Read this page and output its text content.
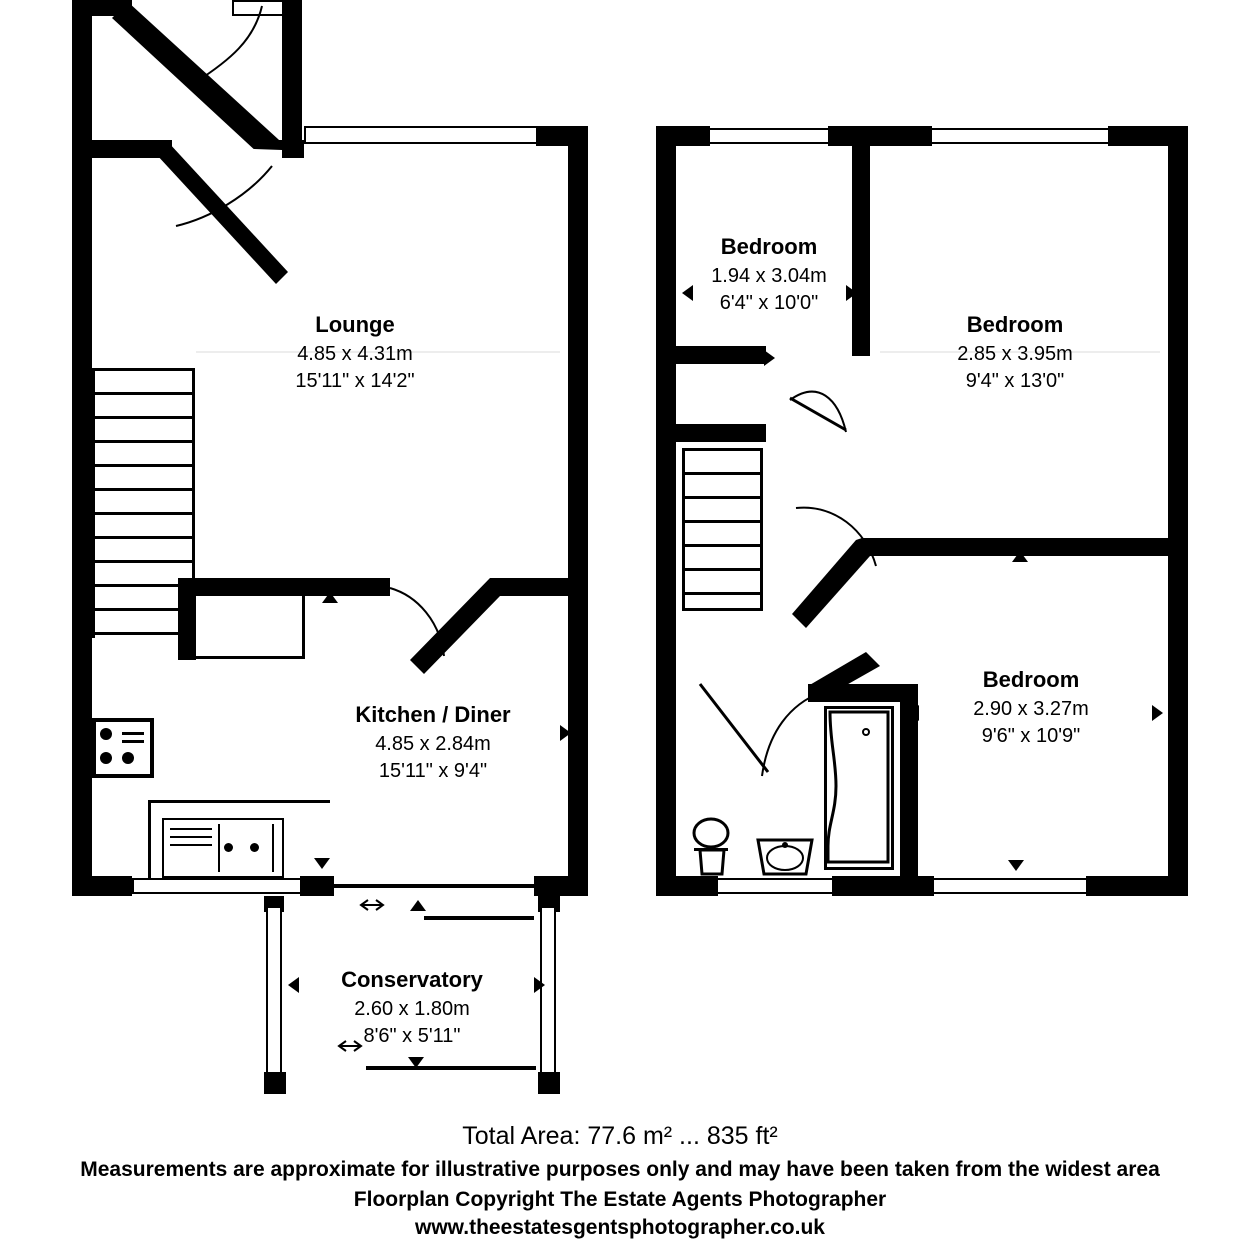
Lounge
4.85 x 4.31m
15'11" x 14'2"
Kitchen / Diner
4.85 x 2.84m
15'11" x 9'4"
Conservatory
2.60 x 1.80m
8'6" x 5'11"
Bedroom
1.94 x 3.04m
6'4" x 10'0"
Bedroom
2.85 x 3.95m
9'4" x 13'0"
Bedroom
2.90 x 3.27m
9'6" x 10'9"
Total Area: 77.6 m² ... 835 ft²
Measurements are approximate for illustrative purposes only and may have been taken from the widest area
Floorplan Copyright The Estate Agents Photographer
www.theestatesgentsphotographer.co.uk
